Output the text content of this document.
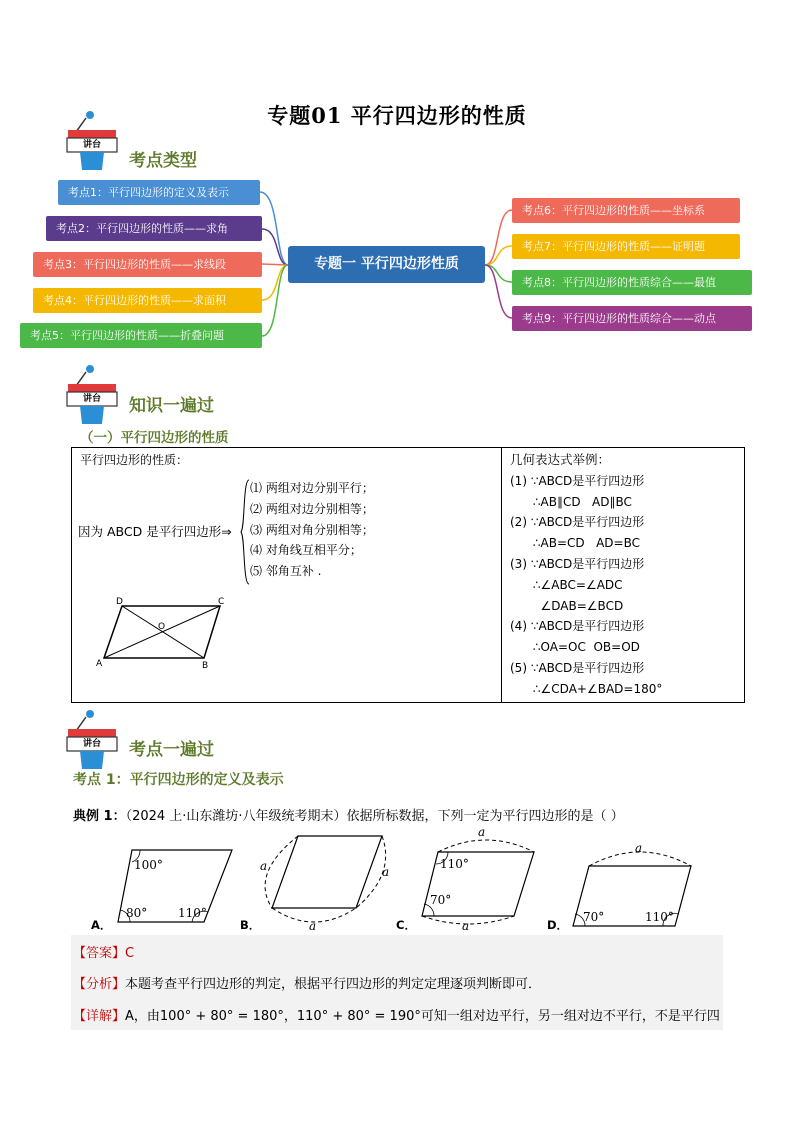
专题01 平行四边形的性质
讲台
考点类型
考点1：平行四边形的定义及表示
考点2：平行四边形的性质——求角
考点3：平行四边形的性质——求线段
考点4：平行四边形的性质——求面积
考点5：平行四边形的性质——折叠问题
专题一 平行四边形性质
考点6：平行四边形的性质——坐标系
考点7：平行四边形的性质——证明题
考点8：平行四边形的性质综合——最值
考点9：平行四边形的性质综合——动点
讲台	知识一遍过
（一）平行四边形的性质
平行四边形的性质：
因为 ABCD 是平行四边形⇒
⑴ 两组对边分别平行；
⑵ 两组对边分别相等；
⑶ 两组对角分别相等；
⑷ 对角线互相平分；
⑸ 邻角互补 .
A	B
C
D
O

几何表达式举例：
(1) ∵ABCD是平行四边形
∴AB∥CD   AD∥BC
(2) ∵ABCD是平行四边形
∴AB=CD   AD=BC
(3) ∵ABCD是平行四边形
∴∠ABC=∠ADC
∠DAB=∠BCD
(4) ∵ABCD是平行四边形
∴OA=OC  OB=OD
(5) ∵ABCD是平行四边形
∴∠CDA+∠BAD=180°
讲台	考点一遍过
考点 1：平行四边形的定义及表示
典例 1：（2024 上·山东潍坊·八年级统考期末）依据所标数据，下列一定为平行四边形的是（ ）
100°
80°	110°
A．
a	a
a
B．
110°
70°
a
a
C．
70°	110°
a
D．
【答案】C
【分析】本题考查平行四边形的判定，根据平行四边形的判定定理逐项判断即可．
【详解】A，由100° + 80° = 180°，110° + 80° = 190°可知一组对边平行，另一组对边不平行，不是平行四
